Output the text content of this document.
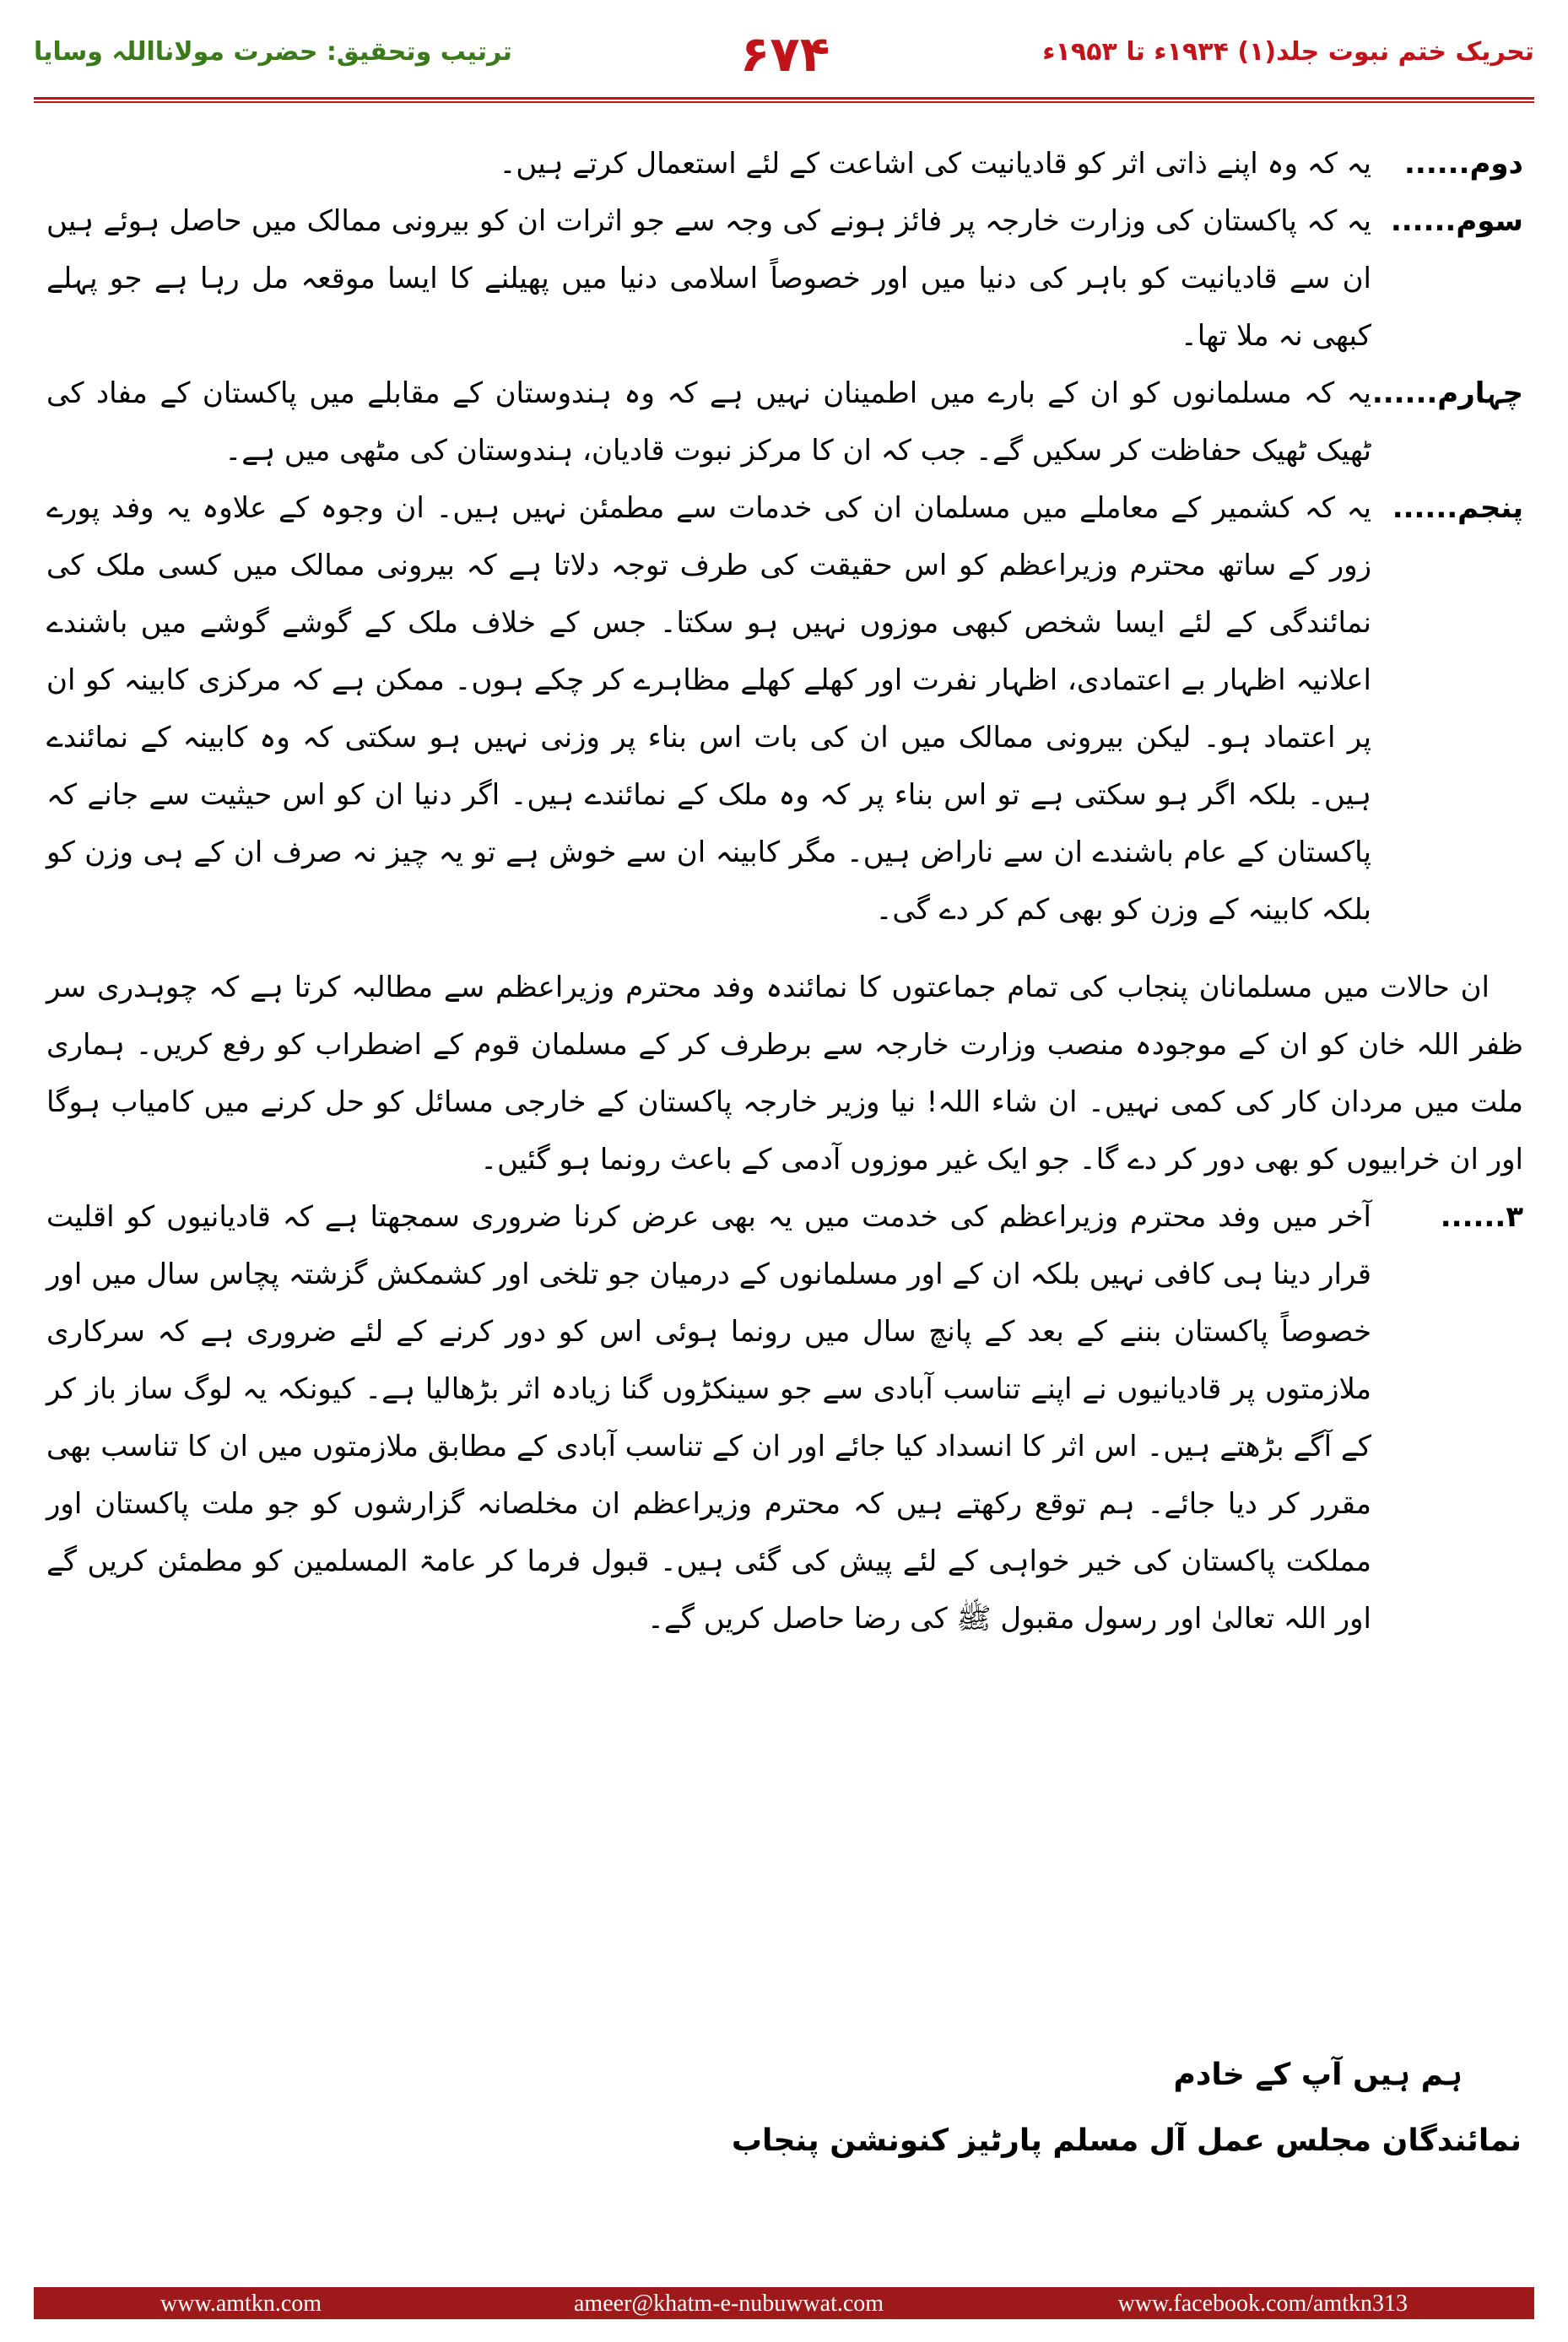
تحریک ختم نبوت جلد(۱) ۱۹۳۴ء تا ۱۹۵۳ء
۶۷۴
ترتیب وتحقیق: حضرت مولانااللہ وسایا
دوم......
یہ کہ وہ اپنے ذاتی اثر کو قادیانیت کی اشاعت کے لئے استعمال کرتے ہیں۔
سوم......
یہ کہ پاکستان کی وزارت خارجہ پر فائز ہونے کی وجہ سے جو اثرات ان کو بیرونی ممالک میں حاصل ہوئے ہیں ان سے قادیانیت کو باہر کی دنیا میں اور خصوصاً اسلامی دنیا میں پھیلنے کا ایسا موقعہ مل رہا ہے جو پہلے کبھی نہ ملا تھا۔
چہارم......
یہ کہ مسلمانوں کو ان کے بارے میں اطمینان نہیں ہے کہ وہ ہندوستان کے مقابلے میں پاکستان کے مفاد کی ٹھیک ٹھیک حفاظت کر سکیں گے۔ جب کہ ان کا مرکز نبوت قادیان، ہندوستان کی مٹھی میں ہے۔
پنجم......
یہ کہ کشمیر کے معاملے میں مسلمان ان کی خدمات سے مطمئن نہیں ہیں۔ ان وجوہ کے علاوہ یہ وفد پورے زور کے ساتھ محترم وزیراعظم کو اس حقیقت کی طرف توجہ دلاتا ہے کہ بیرونی ممالک میں کسی ملک کی نمائندگی کے لئے ایسا شخص کبھی موزوں نہیں ہو سکتا۔ جس کے خلاف ملک کے گوشے گوشے میں باشندے اعلانیہ اظہار بے اعتمادی، اظہار نفرت اور کھلے کھلے مظاہرے کر چکے ہوں۔ ممکن ہے کہ مرکزی کابینہ کو ان پر اعتماد ہو۔ لیکن بیرونی ممالک میں ان کی بات اس بناء پر وزنی نہیں ہو سکتی کہ وہ کابینہ کے نمائندے ہیں۔ بلکہ اگر ہو سکتی ہے تو اس بناء پر کہ وہ ملک کے نمائندے ہیں۔ اگر دنیا ان کو اس حیثیت سے جانے کہ پاکستان کے عام باشندے ان سے ناراض ہیں۔ مگر کابینہ ان سے خوش ہے تو یہ چیز نہ صرف ان کے ہی وزن کو بلکہ کابینہ کے وزن کو بھی کم کر دے گی۔
ان حالات میں مسلمانان پنجاب کی تمام جماعتوں کا نمائندہ وفد محترم وزیراعظم سے مطالبہ کرتا ہے کہ چوہدری سر ظفر اللہ خان کو ان کے موجودہ منصب وزارت خارجہ سے برطرف کر کے مسلمان قوم کے اضطراب کو رفع کریں۔ ہماری ملت میں مردان کار کی کمی نہیں۔ ان شاء اللہ! نیا وزیر خارجہ پاکستان کے خارجی مسائل کو حل کرنے میں کامیاب ہوگا اور ان خرابیوں کو بھی دور کر دے گا۔ جو ایک غیر موزوں آدمی کے باعث رونما ہو گئیں۔
۳......
آخر میں وفد محترم وزیراعظم کی خدمت میں یہ بھی عرض کرنا ضروری سمجھتا ہے کہ قادیانیوں کو اقلیت قرار دینا ہی کافی نہیں بلکہ ان کے اور مسلمانوں کے درمیان جو تلخی اور کشمکش گزشتہ پچاس سال میں اور خصوصاً پاکستان بننے کے بعد کے پانچ سال میں رونما ہوئی اس کو دور کرنے کے لئے ضروری ہے کہ سرکاری ملازمتوں پر قادیانیوں نے اپنے تناسب آبادی سے جو سینکڑوں گنا زیادہ اثر بڑھالیا ہے۔ کیونکہ یہ لوگ ساز باز کر کے آگے بڑھتے ہیں۔ اس اثر کا انسداد کیا جائے اور ان کے تناسب آبادی کے مطابق ملازمتوں میں ان کا تناسب بھی مقرر کر دیا جائے۔ ہم توقع رکھتے ہیں کہ محترم وزیراعظم ان مخلصانہ گزارشوں کو جو ملت پاکستان اور مملکت پاکستان کی خیر خواہی کے لئے پیش کی گئی ہیں۔ قبول فرما کر عامۃ المسلمین کو مطمئن کریں گے اور اللہ تعالیٰ اور رسول مقبول ﷺ کی رضا حاصل کریں گے۔
ہم ہیں آپ کے خادم
نمائندگان مجلس عمل آل مسلم پارٹیز کنونشن پنجاب
www.amtkn.com	ameer@khatm-e-nubuwwat.com	www.facebook.com/amtkn313
